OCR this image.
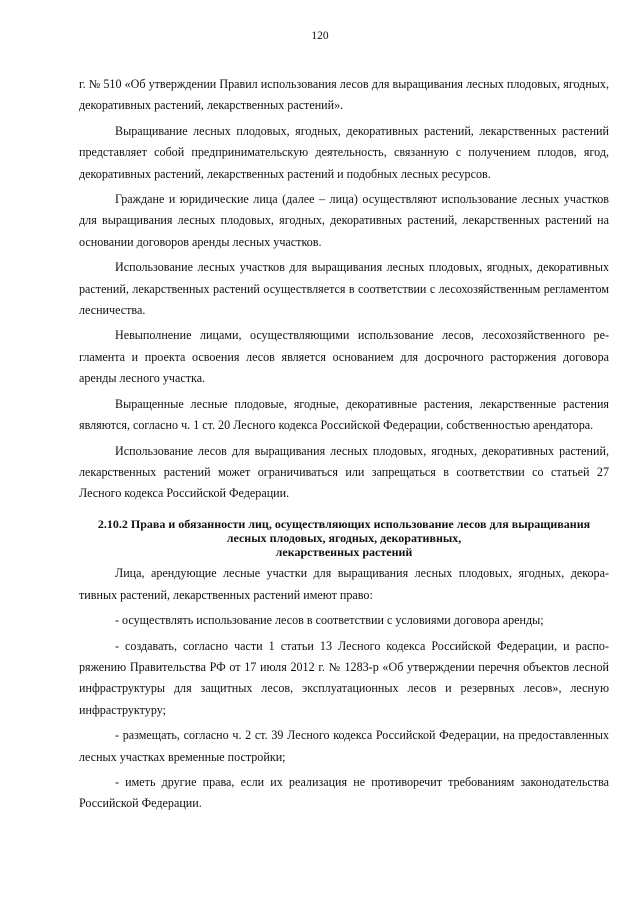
120

г. № 510 «Об утверждении Правил использования лесов для выращивания лесных плодовых, ягодных, декоративных растений, лекарственных растений».

Выращивание лесных плодовых, ягодных, декоративных растений, лекарственных растений представляет собой предпринимательскую деятельность, связанную с получением плодов, ягод, декоративных растений, лекарственных растений и подобных лесных ресурсов.

Граждане и юридические лица (далее – лица) осуществляют использование лесных участков для выращивания лесных плодовых, ягодных, декоративных растений, лекарственных растений на основании договоров аренды лесных участков.

Использование лесных участков для выращивания лесных плодовых, ягодных, декоративных растений, лекарственных растений осуществляется в соответствии с лесохозяйственным регламентом лесничества.

Невыполнение лицами, осуществляющими использование лесов, лесохозяйственного регламента и проекта освоения лесов является основанием для досрочного расторжения договора аренды лесного участка.

Выращенные лесные плодовые, ягодные, декоративные растения, лекарственные растения являются, согласно ч. 1 ст. 20 Лесного кодекса Российской Федерации, собственностью арендатора.

Использование лесов для выращивания лесных плодовых, ягодных, декоративных растений, лекарственных растений может ограничиваться или запрещаться в соответствии со статьей 27 Лесного кодекса Российской Федерации.

2.10.2 Права и обязанности лиц, осуществляющих использование лесов для выращивания
лесных плодовых, ягодных, декоративных,
лекарственных растений

Лица, арендующие лесные участки для выращивания лесных плодовых, ягодных, декоративных растений, лекарственных растений имеют право:

- осуществлять использование лесов в соответствии с условиями договора аренды;

- создавать, согласно части 1 статьи 13 Лесного кодекса Российской Федерации, и распоряжению Правительства РФ от 17 июля 2012 г. № 1283-р «Об утверждении перечня объектов лесной инфраструктуры для защитных лесов, эксплуатационных лесов и резервных лесов», лесную инфраструктуру;

- размещать, согласно ч. 2 ст. 39 Лесного кодекса Российской Федерации, на предоставленных лесных участках временные постройки;

- иметь другие права, если их реализация не противоречит требованиям законодательства Российской Федерации.
